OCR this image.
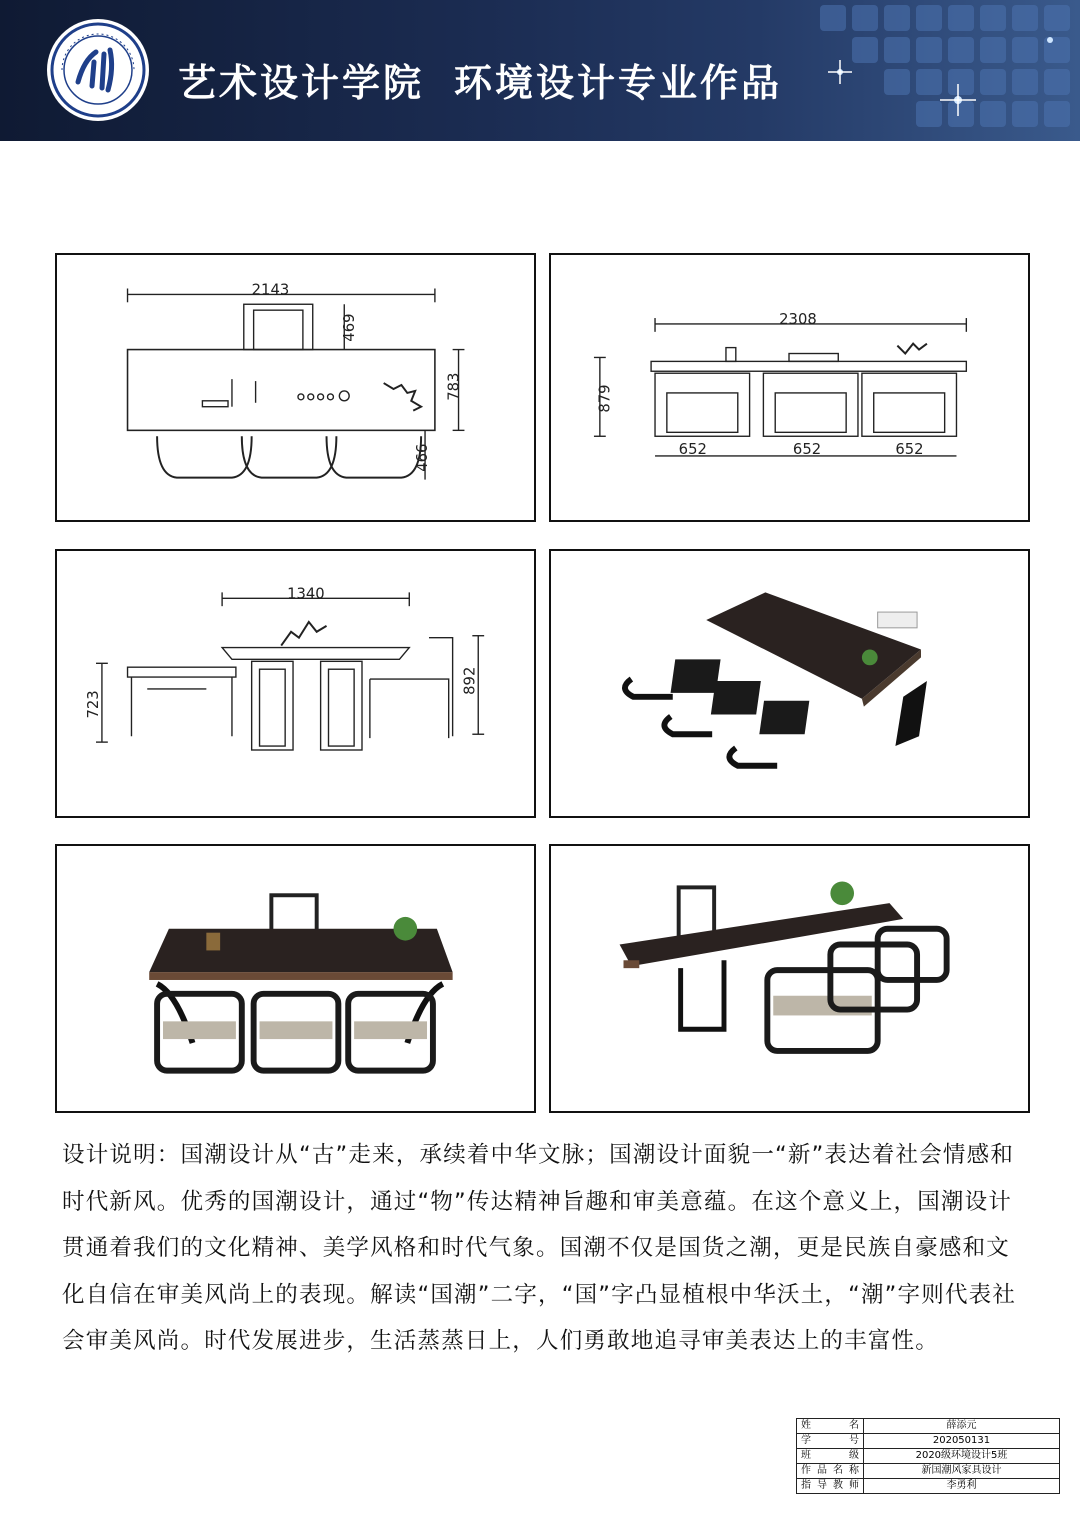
艺术设计学院 环境设计专业作品
2143
469
783
466
2308
879
652	652	652
1340
723
892
设计说明：国潮设计从“古”走来，承续着中华文脉；国潮设计面貌一“新”表达着社会情感和时代新风。优秀的国潮设计，通过“物”传达精神旨趣和审美意蕴。在这个意义上，国潮设计贯通着我们的文化精神、美学风格和时代气象。国潮不仅是国货之潮，更是民族自豪感和文化自信在审美风尚上的表现。解读“国潮”二字，“国”字凸显植根中华沃土，“潮”字则代表社会审美风尚。时代发展进步，生活蒸蒸日上，人们勇敢地追寻审美表达上的丰富性。
姓名	薛添元
学号	202050131
班级	2020级环境设计5班
作品名称	新国潮风家具设计
指导教师	李勇利
